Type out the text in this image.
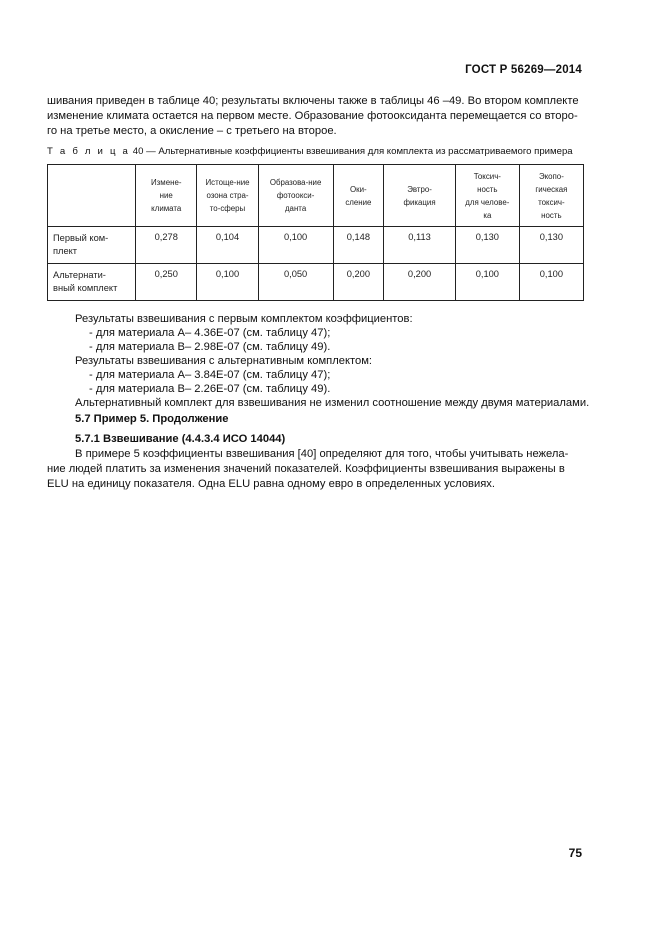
ГОСТ Р 56269—2014
шивания приведен в таблице 40; результаты включены также в таблицы 46 –49. Во втором комплекте
изменение климата остается на первом месте. Образование фотооксиданта перемещается со второ-
го на третье место, а окисление – с третьего на второе.
Т а б л и ц а 40 — Альтернативные коэффициенты взвешивания для комплекта из рассматриваемого примера
	Измене-
ние
климата	Истоще-ние
озона стра-
то-сферы	Образова-ние
фотоокси-
данта	Оки-
сление	Эвтро-
фикация	Токсич-
ность
для челове-
ка	Экопо-
гическая
токсич-
ность
Первый ком-
плект	0,278	0,104	0,100	0,148	0,113	0,130	0,130
Альтернати-
вный комплект	0,250	0,100	0,050	0,200	0,200	0,100	0,100
Результаты взвешивания с первым комплектом коэффициентов:
- для материала А– 4.36Е-07 (см. таблицу 47);
- для материала В– 2.98Е-07 (см. таблицу 49).
Результаты взвешивания с альтернативным комплектом:
- для материала А– 3.84Е-07 (см. таблицу 47);
- для материала В– 2.26Е-07 (см. таблицу 49).
Альтернативный комплект для взвешивания не изменил соотношение между двумя материалами.
5.7 Пример 5. Продолжение
5.7.1 Взвешивание (4.4.3.4 ИСО 14044)
В примере 5 коэффициенты взвешивания [40] определяют для того, чтобы учитывать нежела-
ние людей платить за изменения значений показателей. Коэффициенты взвешивания выражены в
ELU на единицу показателя. Одна ELU равна одному евро в определенных условиях.
75
